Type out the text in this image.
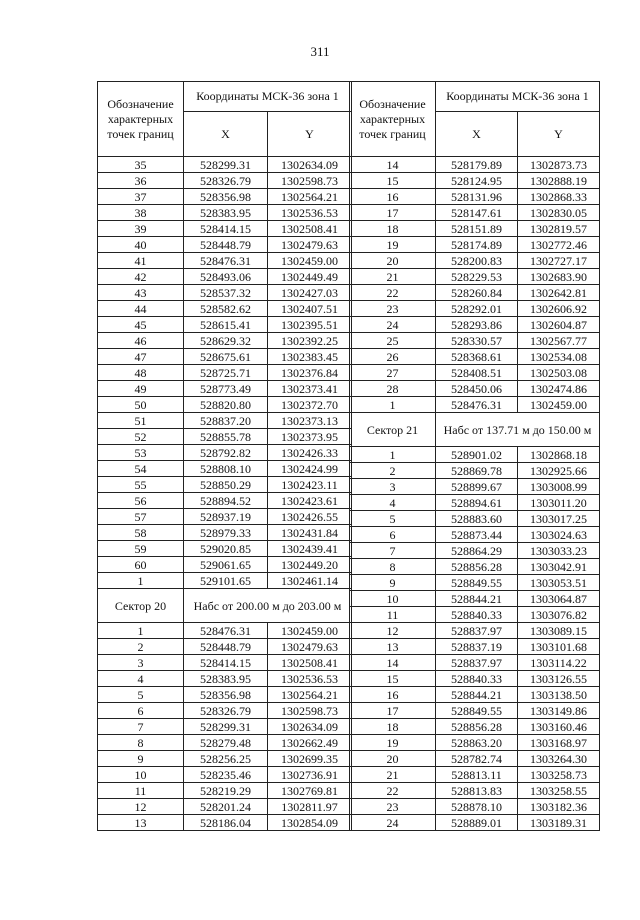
311
Обозначение характерных точек границ	Координаты МСК-36 зона 1	
	X	Y
35	528299.31	1302634.09
36	528326.79	1302598.73
37	528356.98	1302564.21
38	528383.95	1302536.53
39	528414.15	1302508.41
40	528448.79	1302479.63
41	528476.31	1302459.00
42	528493.06	1302449.49
43	528537.32	1302427.03
44	528582.62	1302407.51
45	528615.41	1302395.51
46	528629.32	1302392.25
47	528675.61	1302383.45
48	528725.71	1302376.84
49	528773.49	1302373.41
50	528820.80	1302372.70
51	528837.20	1302373.13
52	528855.78	1302373.95
53	528792.82	1302426.33
54	528808.10	1302424.99
55	528850.29	1302423.11
56	528894.52	1302423.61
57	528937.19	1302426.55
58	528979.33	1302431.84
59	529020.85	1302439.41
60	529061.65	1302449.20
1	529101.65	1302461.14
Сектор 20	Набс от 200.00 м до 203.00 м	
1	528476.31	1302459.00
2	528448.79	1302479.63
3	528414.15	1302508.41
4	528383.95	1302536.53
5	528356.98	1302564.21
6	528326.79	1302598.73
7	528299.31	1302634.09
8	528279.48	1302662.49
9	528256.25	1302699.35
10	528235.46	1302736.91
11	528219.29	1302769.81
12	528201.24	1302811.97
13	528186.04	1302854.09
Обозначение характерных точек границ	Координаты МСК-36 зона 1	
	X	Y
14	528179.89	1302873.73
15	528124.95	1302888.19
16	528131.96	1302868.33
17	528147.61	1302830.05
18	528151.89	1302819.57
19	528174.89	1302772.46
20	528200.83	1302727.17
21	528229.53	1302683.90
22	528260.84	1302642.81
23	528292.01	1302606.92
24	528293.86	1302604.87
25	528330.57	1302567.77
26	528368.61	1302534.08
27	528408.51	1302503.08
28	528450.06	1302474.86
1	528476.31	1302459.00
Сектор 21	Набс от 137.71 м до 150.00 м	
1	528901.02	1302868.18
2	528869.78	1302925.66
3	528899.67	1303008.99
4	528894.61	1303011.20
5	528883.60	1303017.25
6	528873.44	1303024.63
7	528864.29	1303033.23
8	528856.28	1303042.91
9	528849.55	1303053.51
10	528844.21	1303064.87
11	528840.33	1303076.82
12	528837.97	1303089.15
13	528837.19	1303101.68
14	528837.97	1303114.22
15	528840.33	1303126.55
16	528844.21	1303138.50
17	528849.55	1303149.86
18	528856.28	1303160.46
19	528863.20	1303168.97
20	528782.74	1303264.30
21	528813.11	1303258.73
22	528813.83	1303258.55
23	528878.10	1303182.36
24	528889.01	1303189.31
